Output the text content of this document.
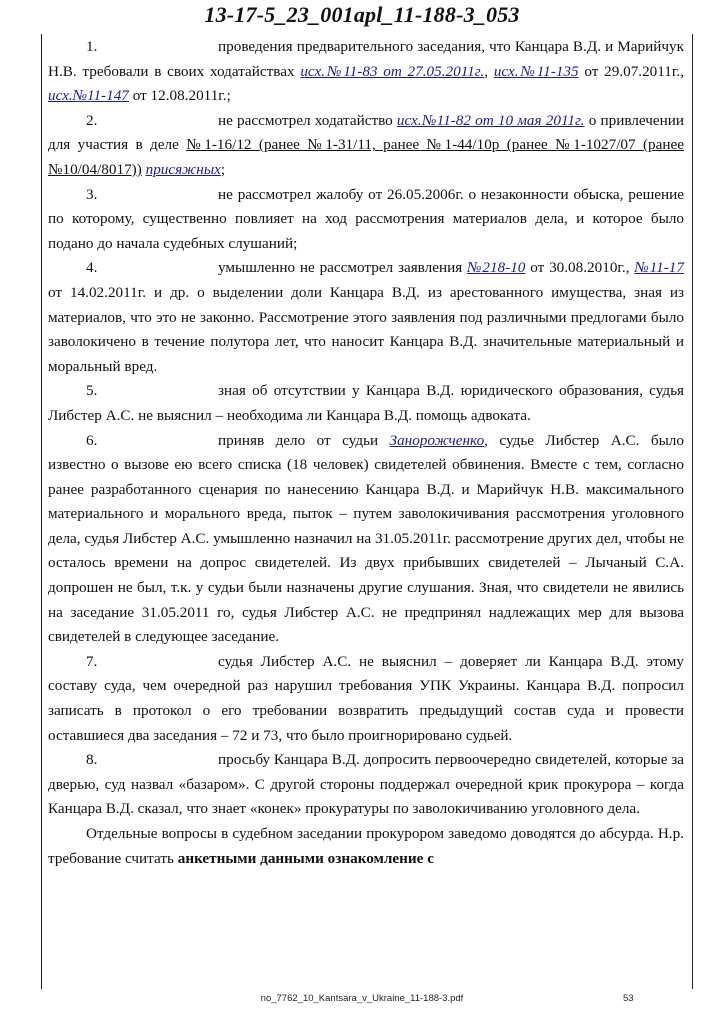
13-17-5_23_001apl_11-188-3_053

1.	проведения предварительного заседания, что Канцара В.Д. и Марийчук Н.В. требовали в своих ходатайствах исх.№11-83 от 27.05.2011г., исх.№11-135 от 29.07.2011г., исх.№11-147 от 12.08.2011г.;

2.	не рассмотрел ходатайство исх.№11-82 от 10 мая 2011г. о привлечении для участия в деле №1-16/12 (ранее №1-31/11, ранее №1-44/10р (ранее №1-1027/07 (ранее №10/04/8017)) присяжных;

3.	не рассмотрел жалобу от 26.05.2006г. о незаконности обыска, решение по которому, существенно повлияет на ход рассмотрения материалов дела, и которое было подано до начала судебных слушаний;

4.	умышленно не рассмотрел заявления №218-10 от 30.08.2010г., №11-17 от 14.02.2011г. и др. о выделении доли Канцара В.Д. из арестованного имущества, зная из материалов, что это не законно. Рассмотрение этого заявления под различными предлогами было заволокичено в течение полутора лет, что наносит Канцара В.Д. значительные материальный и моральный вред.

5.	зная об отсутствии у Канцара В.Д. юридического образования, судья Либстер А.С. не выяснил – необходима ли Канцара В.Д. помощь адвоката.

6.	приняв дело от судьи Занорожченко, судье Либстер А.С. было известно о вызове ею всего списка (18 человек) свидетелей обвинения. Вместе с тем, согласно ранее разработанного сценария по нанесению Канцара В.Д. и Марийчук Н.В. максимального материального и морального вреда, пыток – путем заволокичивания рассмотрения уголовного дела, судья Либстер А.С. умышленно назначил на 31.05.2011г. рассмотрение других дел, чтобы не осталось времени на допрос свидетелей. Из двух прибывших свидетелей – Лычаный С.А. допрошен не был, т.к. у судьи были назначены другие слушания. Зная, что свидетели не явились на заседание 31.05.2011 го, судья Либстер А.С. не предпринял надлежащих мер для вызова свидетелей в следующее заседание.

7.	судья Либстер А.С. не выяснил – доверяет ли Канцара В.Д. этому составу суда, чем очередной раз нарушил требования УПК Украины. Канцара В.Д. попросил записать в протокол о его требовании возвратить предыдущий состав суда и провести оставшиеся два заседания – 72 и 73, что было проигнорировано судьей.

8.	просьбу Канцара В.Д. допросить первоочередно свидетелей, которые за дверью, суд назвал «базаром». С другой стороны поддержал очередной крик прокурора – когда Канцара В.Д. сказал, что знает «конек» прокуратуры по заволокичиванию уголовного дела.

Отдельные вопросы в судебном заседании прокурором заведомо доводятся до абсурда. Н.р. требование считать анкетными данными ознакомление с

no_7762_10_Kantsara_v_Ukraine_11-188-3.pdf	53
